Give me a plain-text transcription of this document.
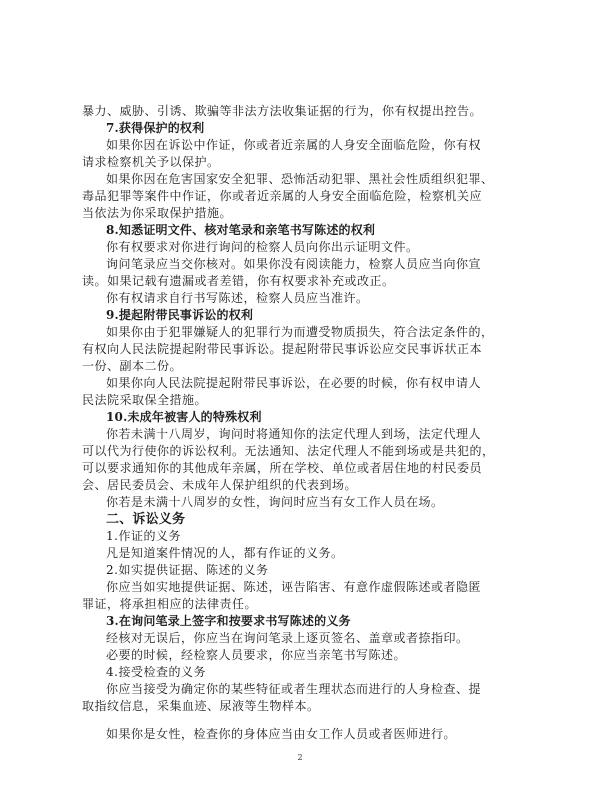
暴力、威胁、引诱、欺骗等非法方法收集证据的行为，你有权提出控告。
7.获得保护的权利
如果你因在诉讼中作证，你或者近亲属的人身安全面临危险，你有权
请求检察机关予以保护。
如果你因在危害国家安全犯罪、恐怖活动犯罪、黑社会性质组织犯罪、
毒品犯罪等案件中作证，你或者近亲属的人身安全面临危险，检察机关应
当依法为你采取保护措施。
8.知悉证明文件、核对笔录和亲笔书写陈述的权利
你有权要求对你进行询问的检察人员向你出示证明文件。
询问笔录应当交你核对。如果你没有阅读能力，检察人员应当向你宣
读。如果记载有遗漏或者差错，你有权要求补充或改正。
你有权请求自行书写陈述，检察人员应当准许。
9.提起附带民事诉讼的权利
如果你由于犯罪嫌疑人的犯罪行为而遭受物质损失，符合法定条件的，
有权向人民法院提起附带民事诉讼。提起附带民事诉讼应交民事诉状正本
一份、副本二份。
如果你向人民法院提起附带民事诉讼，在必要的时候，你有权申请人
民法院采取保全措施。
10.未成年被害人的特殊权利
你若未满十八周岁，询问时将通知你的法定代理人到场，法定代理人
可以代为行使你的诉讼权利。无法通知、法定代理人不能到场或是共犯的，
可以要求通知你的其他成年亲属，所在学校、单位或者居住地的村民委员
会、居民委员会、未成年人保护组织的代表到场。
你若是未满十八周岁的女性，询问时应当有女工作人员在场。
二、诉讼义务
1.作证的义务
凡是知道案件情况的人，都有作证的义务。
2.如实提供证据、陈述的义务
你应当如实地提供证据、陈述，诬告陷害、有意作虚假陈述或者隐匿
罪证，将承担相应的法律责任。
3.在询问笔录上签字和按要求书写陈述的义务
经核对无误后，你应当在询问笔录上逐页签名、盖章或者捺指印。
必要的时候，经检察人员要求，你应当亲笔书写陈述。
4.接受检查的义务
你应当接受为确定你的某些特征或者生理状态而进行的人身检查、提
取指纹信息，采集血迹、尿液等生物样本。
如果你是女性，检查你的身体应当由女工作人员或者医师进行。
2
